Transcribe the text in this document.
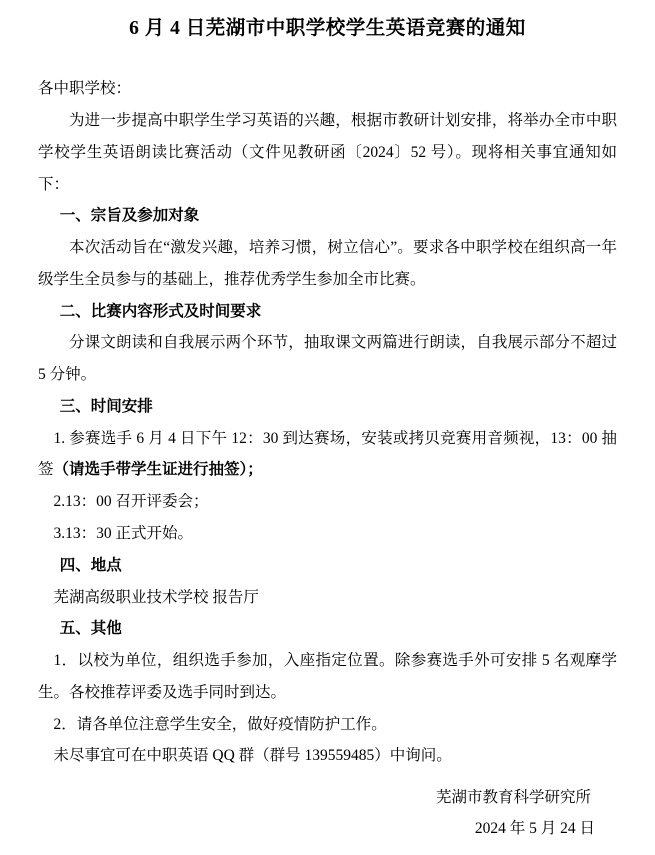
6 月 4 日芜湖市中职学校学生英语竞赛的通知

各中职学校：

为进一步提高中职学生学习英语的兴趣，根据市教研计划安排，将举办全市中职学校学生英语朗读比赛活动（文件见教研函〔2024〕52 号）。现将相关事宜通知如下：

一、宗旨及参加对象

本次活动旨在“激发兴趣，培养习惯，树立信心”。要求各中职学校在组织高一年级学生全员参与的基础上，推荐优秀学生参加全市比赛。

二、比赛内容形式及时间要求

分课文朗读和自我展示两个环节，抽取课文两篇进行朗读，自我展示部分不超过 5 分钟。

三、时间安排

1. 参赛选手 6 月 4 日下午 12：30 到达赛场，安装或拷贝竞赛用音频视，13：00 抽签（请选手带学生证进行抽签）；

2.13：00 召开评委会；

3.13：30 正式开始。

四、地点

芜湖高级职业技术学校 报告厅

五、其他

1．以校为单位，组织选手参加，入座指定位置。除参赛选手外可安排 5 名观摩学生。各校推荐评委及选手同时到达。

2．请各单位注意学生安全，做好疫情防护工作。

未尽事宜可在中职英语 QQ 群（群号 139559485）中询问。

芜湖市教育科学研究所
2024 年 5 月 24 日
